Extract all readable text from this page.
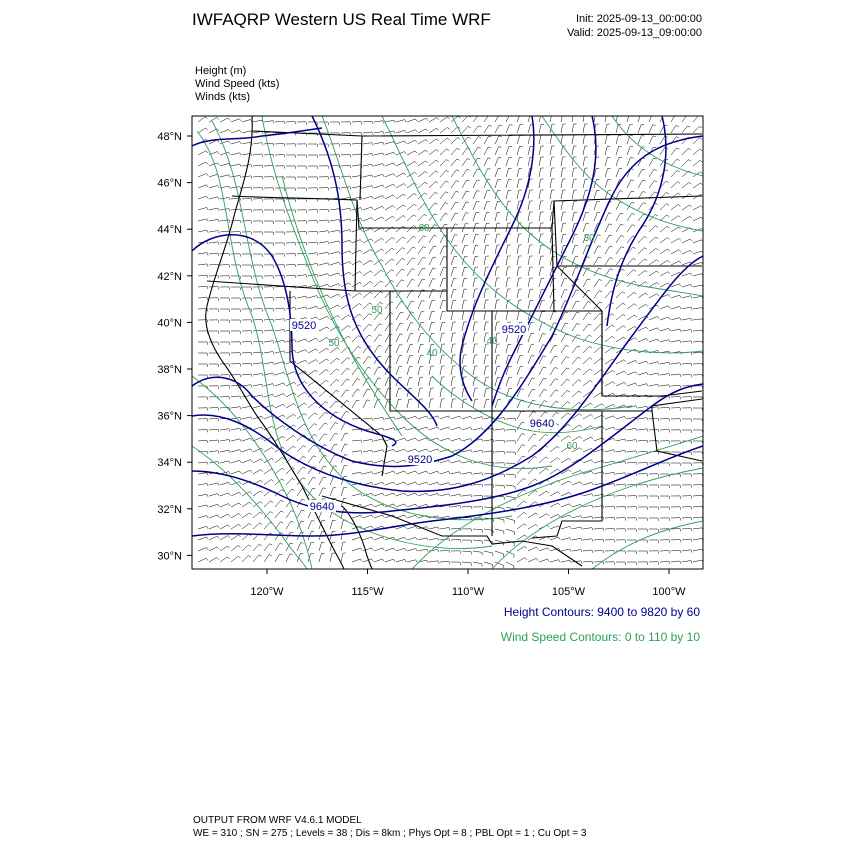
IWFAQRP Western US Real Time WRF	Init: 2025-09-13_00:00:00
Valid: 2025-09-13_09:00:00
Height (m)
Wind Speed (kts)
Winds (kts)
48°N
46°N
44°N
42°N
40°N
38°N
36°N
34°N
32°N
30°N
120°W	115°W	110°W	105°W	100°W
9520	9520
9640
9520
9640
50
50
60
40
30
40
60
Height Contours: 9400 to 9820 by 60
Wind Speed Contours: 0 to 110 by 10
OUTPUT FROM WRF V4.6.1 MODEL
WE = 310 ; SN = 275 ; Levels = 38 ; Dis = 8km ; Phys Opt = 8 ; PBL Opt = 1 ; Cu Opt = 3
